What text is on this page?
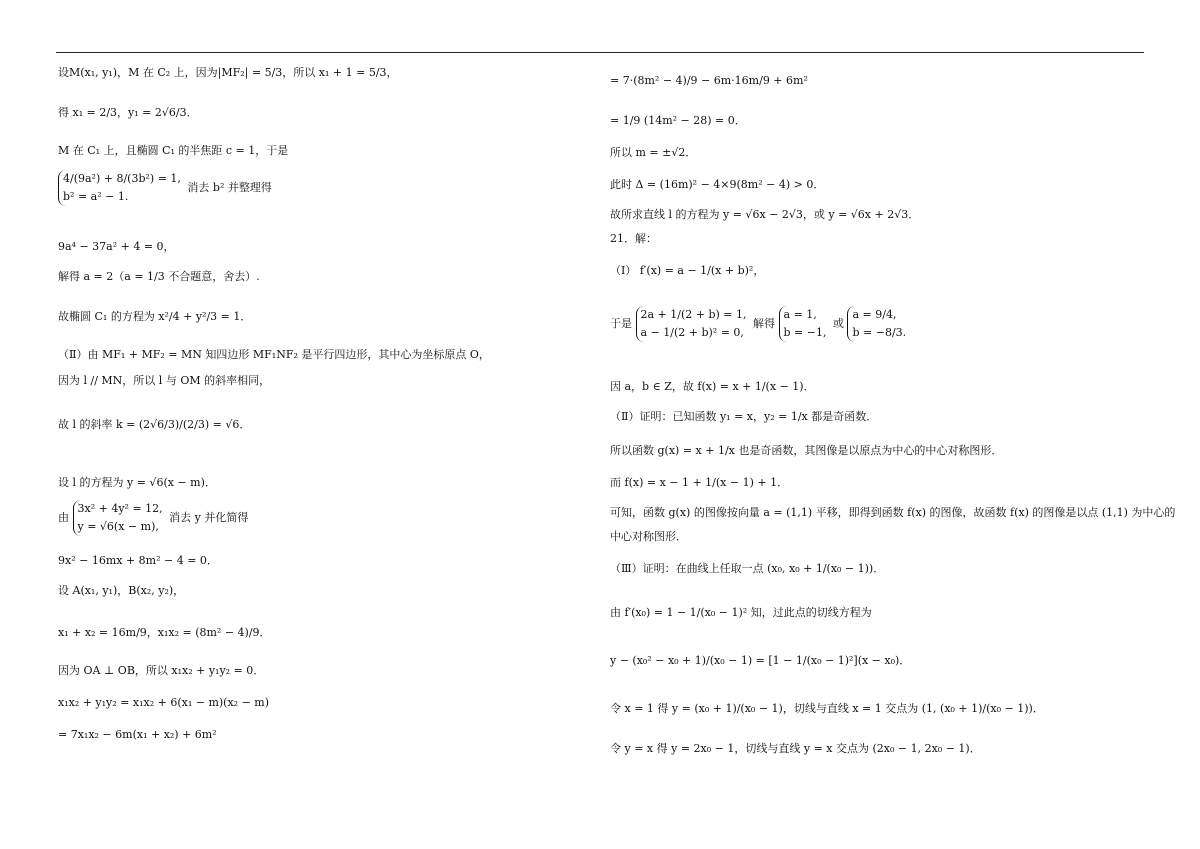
设M(x₁, y₁)，M 在 C₂ 上，因为|MF₂| = 5/3，所以 x₁ + 1 = 5/3，
得 x₁ = 2/3，y₁ = 2√6/3．
M 在 C₁ 上，且椭圆 C₁ 的半焦距 c = 1，于是
4/(9a²) + 8/(3b²) = 1,
b² = a² − 1.
消去 b² 并整理得
9a⁴ − 37a² + 4 = 0，
解得 a = 2（a = 1/3 不合题意，舍去）.
故椭圆 C₁ 的方程为 x²/4 + y²/3 = 1．
（Ⅱ）由 MF₁ + MF₂ = MN 知四边形 MF₁NF₂ 是平行四边形，其中心为坐标原点 O，
因为 l // MN，所以 l 与 OM 的斜率相同，
故 l 的斜率 k = (2√6/3)/(2/3) = √6．
设 l 的方程为 y = √6(x − m)．
由
3x² + 4y² = 12,
y = √6(x − m),
消去 y 并化简得
9x² − 16mx + 8m² − 4 = 0．
设 A(x₁, y₁)，B(x₂, y₂)，
x₁ + x₂ = 16m/9，x₁x₂ = (8m² − 4)/9．
因为 OA ⊥ OB，所以 x₁x₂ + y₁y₂ = 0．
x₁x₂ + y₁y₂ = x₁x₂ + 6(x₁ − m)(x₂ − m)
= 7x₁x₂ − 6m(x₁ + x₂) + 6m²
= 7·(8m² − 4)/9 − 6m·16m/9 + 6m²
= 1/9 (14m² − 28) = 0．
所以 m = ±√2．
此时 Δ = (16m)² − 4×9(8m² − 4) > 0．
故所求直线 l 的方程为 y = √6x − 2√3，或 y = √6x + 2√3．
21．解：
（Ⅰ） f′(x) = a − 1/(x + b)²，
于是
2a + 1/(2 + b) = 1,
a − 1/(2 + b)² = 0,
解得
a = 1,
b = −1,
或
a = 9/4,
b = −8/3.
因 a，b ∈ Z，故 f(x) = x + 1/(x − 1)．
（Ⅱ）证明：已知函数 y₁ = x，y₂ = 1/x 都是奇函数．
所以函数 g(x) = x + 1/x 也是奇函数，其图像是以原点为中心的中心对称图形．
而 f(x) = x − 1 + 1/(x − 1) + 1．
可知，函数 g(x) 的图像按向量 a = (1,1) 平移，即得到函数 f(x) 的图像，故函数 f(x) 的图像是以点 (1,1) 为中心的
中心对称图形．
（Ⅲ）证明：在曲线上任取一点 (x₀, x₀ + 1/(x₀ − 1))．
由 f′(x₀) = 1 − 1/(x₀ − 1)² 知，过此点的切线方程为
y − (x₀² − x₀ + 1)/(x₀ − 1) = [1 − 1/(x₀ − 1)²](x − x₀)．
令 x = 1 得 y = (x₀ + 1)/(x₀ − 1)，切线与直线 x = 1 交点为 (1, (x₀ + 1)/(x₀ − 1))．
令 y = x 得 y = 2x₀ − 1，切线与直线 y = x 交点为 (2x₀ − 1, 2x₀ − 1)．
